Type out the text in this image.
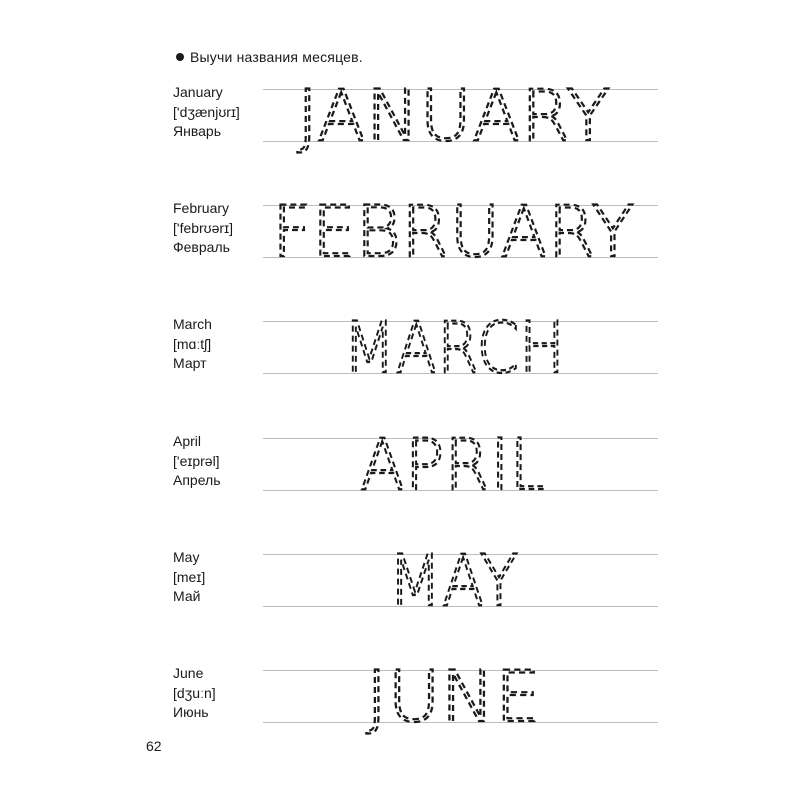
Выучи названия месяцев.
January
['dʒænjʊrɪ]
Январь	JANUARY
February
['febrʊərɪ]
Февраль FEBRUARY
March
[mɑːtʃ]
Март	MARCH
April
['eɪprəl]
Апрель	APRIL
May
[meɪ]
Май	MAY
June
[dʒuːn]
Июнь	JUNE
62
